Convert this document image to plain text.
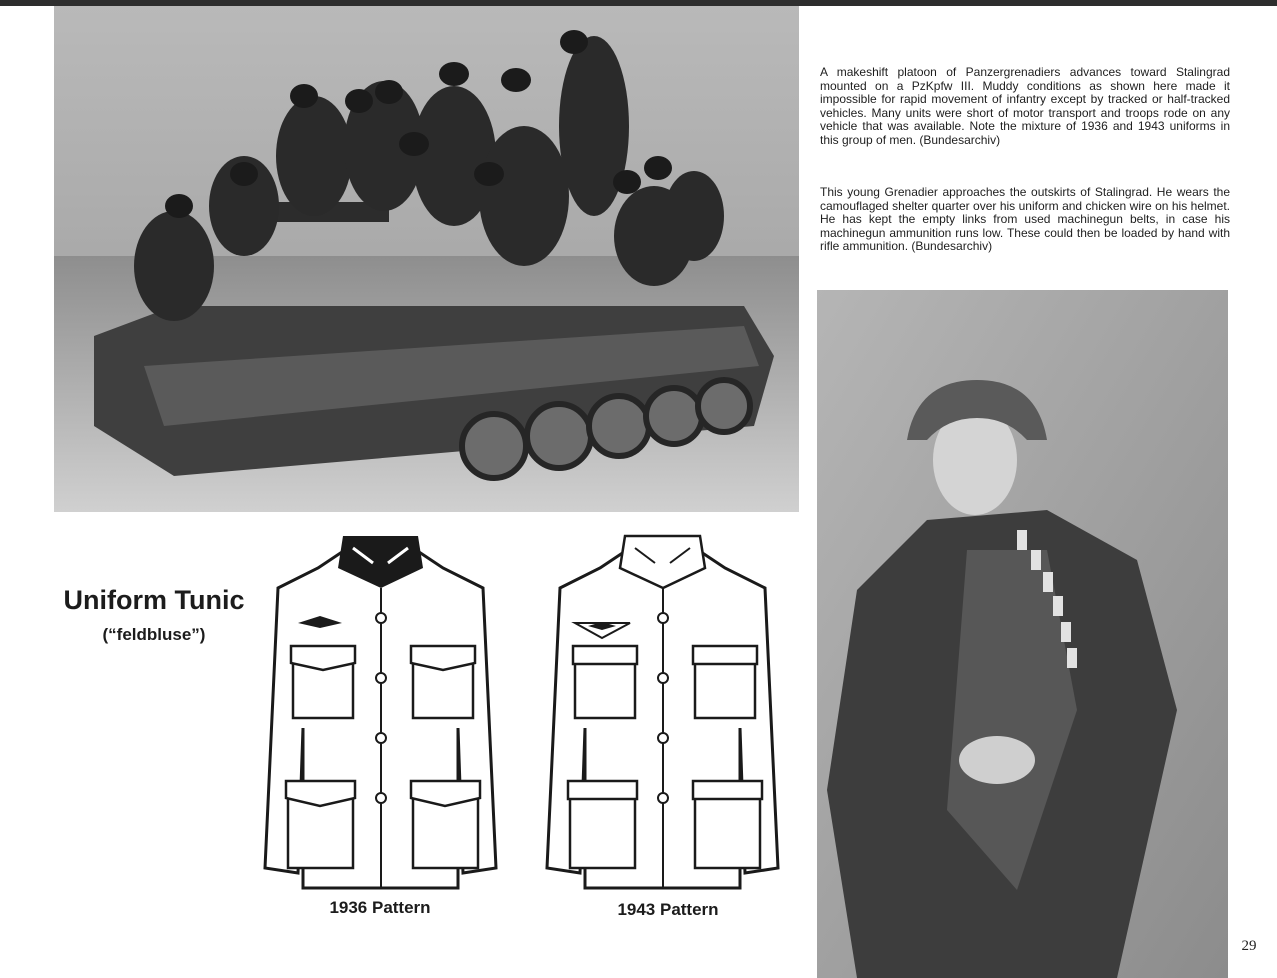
A makeshift platoon of Panzergrenadiers advances toward Stalingrad mounted on a PzKpfw III. Muddy conditions as shown here made it impossible for rapid movement of infantry except by tracked or half-tracked vehicles. Many units were short of motor transport and troops rode on any vehicle that was available. Note the mixture of 1936 and 1943 uniforms in this group of men. (Bundesarchiv)

This young Grenadier approaches the outskirts of Stalingrad. He wears the camouflaged shelter quarter over his uniform and chicken wire on his helmet. He has kept the empty links from used machinegun belts, in case his machinegun ammunition runs low. These could then be loaded by hand with rifle ammunition. (Bundesarchiv)

Uniform Tunic
(“feldbluse”)
1936 Pattern	1943 Pattern
29
